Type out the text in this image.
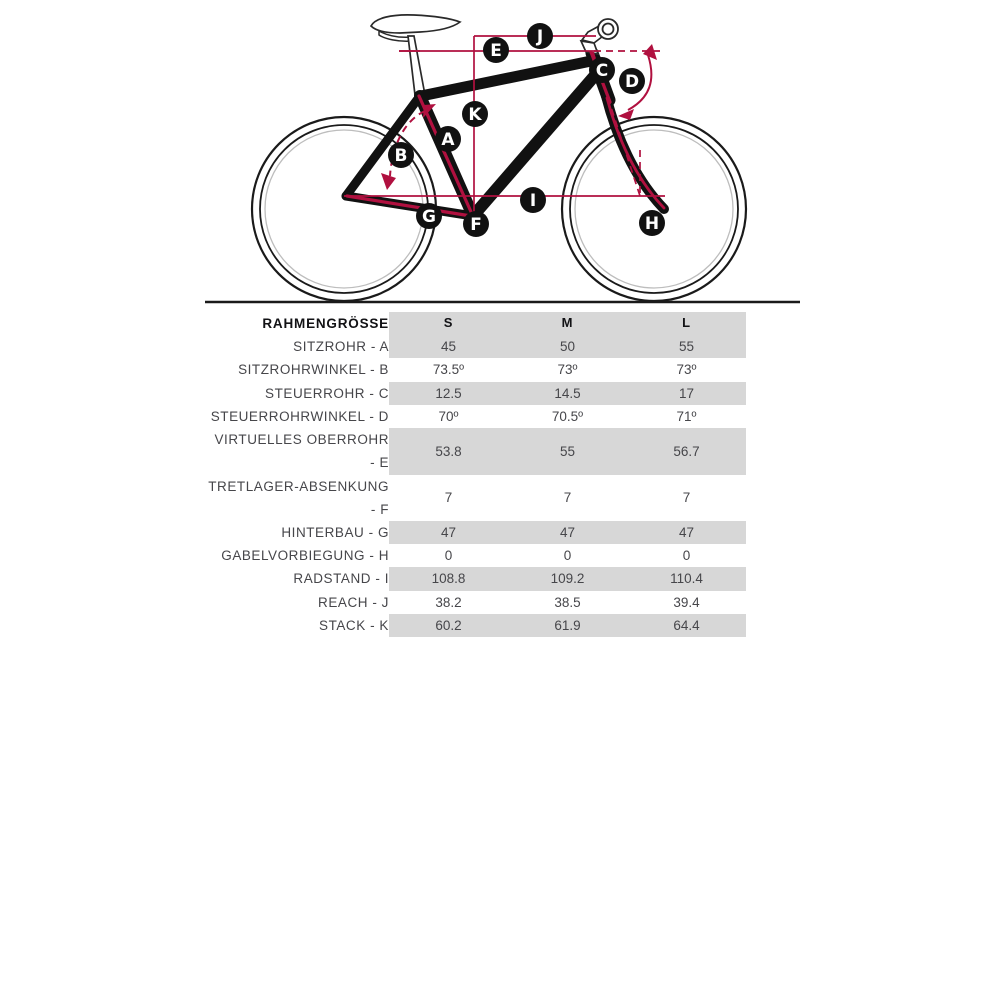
A
B
C
D
E
F
G	H
I
J
K
	RAHMENGRÖSSE	S	M	L	
	SITZROHR - A	45	50	55	
	SITZROHRWINKEL - B	73.5º	73º	73º	
	STEUERROHR - C	12.5	14.5	17	
	STEUERROHRWINKEL - D	70º	70.5º	71º	
	VIRTUELLES OBERROHR - E	53.8	55	56.7	
	TRETLAGER-ABSENKUNG - F	7	7	7	
	HINTERBAU - G	47	47	47	
	GABELVORBIEGUNG - H	0	0	0	
	RADSTAND - I	108.8	109.2	110.4	
	REACH - J	38.2	38.5	39.4	
	STACK - K	60.2	61.9	64.4	
